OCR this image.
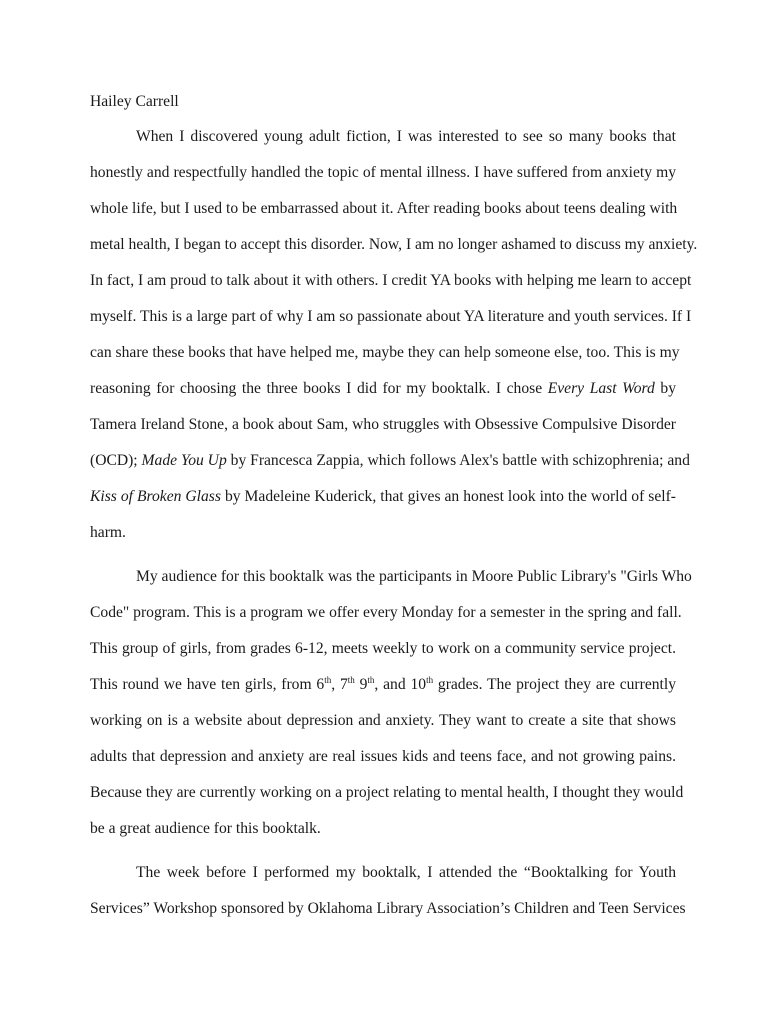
Hailey Carrell

When I discovered young adult fiction, I was interested to see so many books that

honestly and respectfully handled the topic of mental illness. I have suffered from anxiety my

whole life, but I used to be embarrassed about it. After reading books about teens dealing with

metal health, I began to accept this disorder. Now, I am no longer ashamed to discuss my anxiety.

In fact, I am proud to talk about it with others. I credit YA books with helping me learn to accept

myself. This is a large part of why I am so passionate about YA literature and youth services. If I

can share these books that have helped me, maybe they can help someone else, too. This is my

reasoning for choosing the three books I did for my booktalk. I chose Every Last Word by

Tamera Ireland Stone, a book about Sam, who struggles with Obsessive Compulsive Disorder

(OCD); Made You Up by Francesca Zappia, which follows Alex's battle with schizophrenia; and

Kiss of Broken Glass by Madeleine Kuderick, that gives an honest look into the world of self-

harm.

My audience for this booktalk was the participants in Moore Public Library's "Girls Who

Code" program. This is a program we offer every Monday for a semester in the spring and fall.

This group of girls, from grades 6-12, meets weekly to work on a community service project.

This round we have ten girls, from 6th, 7th 9th, and 10th grades. The project they are currently

working on is a website about depression and anxiety. They want to create a site that shows

adults that depression and anxiety are real issues kids and teens face, and not growing pains.

Because they are currently working on a project relating to mental health, I thought they would

be a great audience for this booktalk.

The week before I performed my booktalk, I attended the “Booktalking for Youth

Services” Workshop sponsored by Oklahoma Library Association’s Children and Teen Services
